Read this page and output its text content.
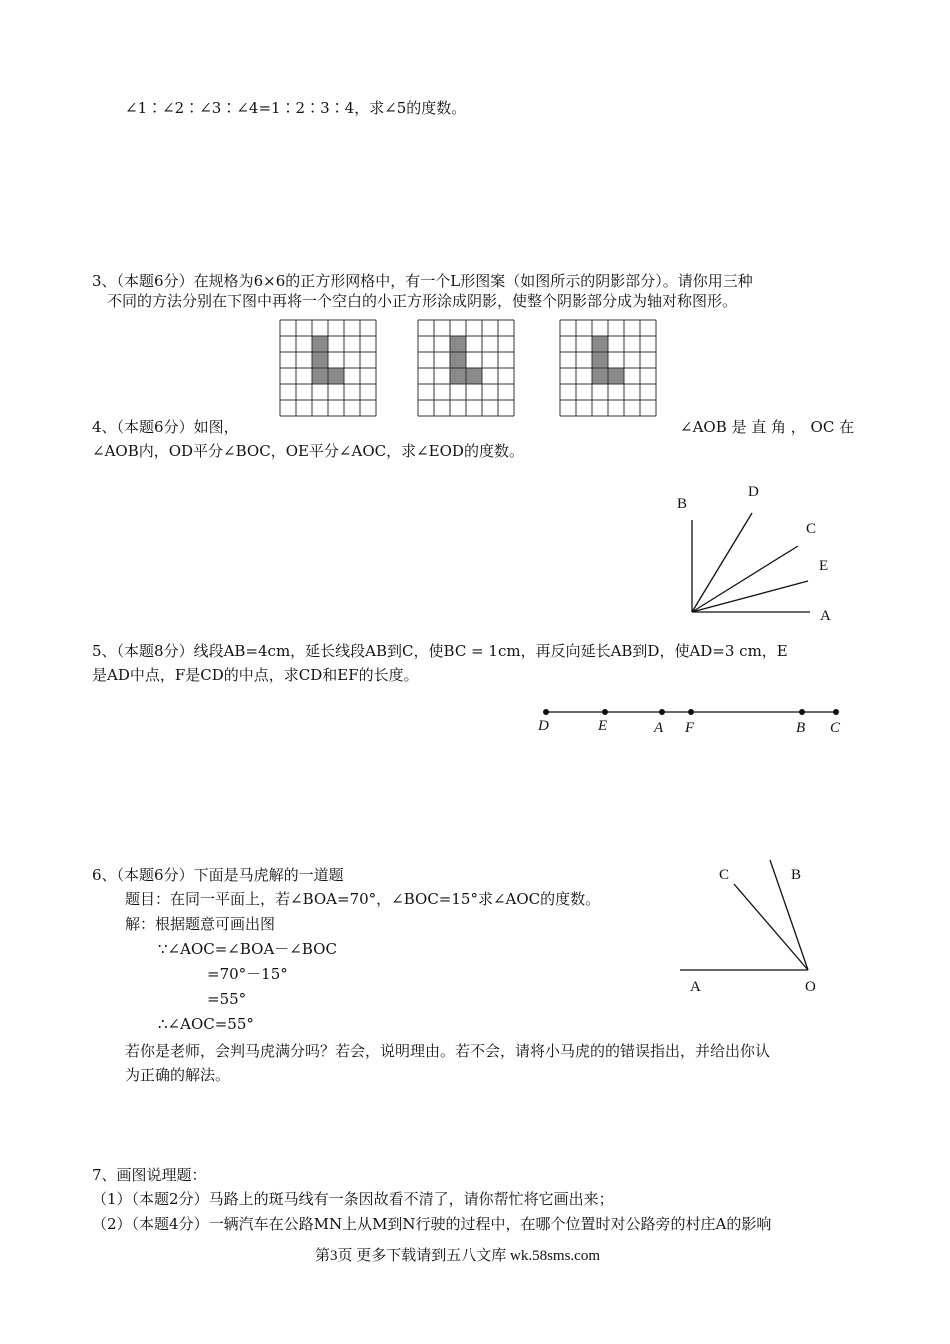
∠1∶∠2∶∠3∶∠4=1∶2∶3∶4，求∠5的度数。
3、（本题6分）在规格为6×6的正方形网格中，有一个L形图案（如图所示的阴影部分）。请你用三种
不同的方法分别在下图中再将一个空白的小正方形涂成阴影，使整个阴影部分成为轴对称图形。
4、（本题6分）如图，	∠AOB 是 直 角 ， OC 在
∠AOB内，OD平分∠BOC，OE平分∠AOC，求∠EOD的度数。
B
D
C
E
A
5、（本题8分）线段AB=4cm，延长线段AB到C，使BC = 1cm，再反向延长AB到D，使AD=3 cm，E
是AD中点，F是CD的中点，求CD和EF的长度。
D	E	A F	B C
6、（本题6分）下面是马虎解的一道题
题目：在同一平面上，若∠BOA=70°，∠BOC=15°求∠AOC的度数。
解：根据题意可画出图
∵∠AOC=∠BOA－∠BOC
=70°－15°
=55°
∴∠AOC=55°
若你是老师，会判马虎满分吗？若会，说明理由。若不会，请将小马虎的的错误指出，并给出你认
为正确的解法。
C	B
A	O
7、画图说理题：
（1）（本题2分）马路上的斑马线有一条因故看不清了，请你帮忙将它画出来；
（2）（本题4分）一辆汽车在公路MN上从M到N行驶的过程中，在哪个位置时对公路旁的村庄A的影响
第3页 更多下载请到五八文库 wk.58sms.com
